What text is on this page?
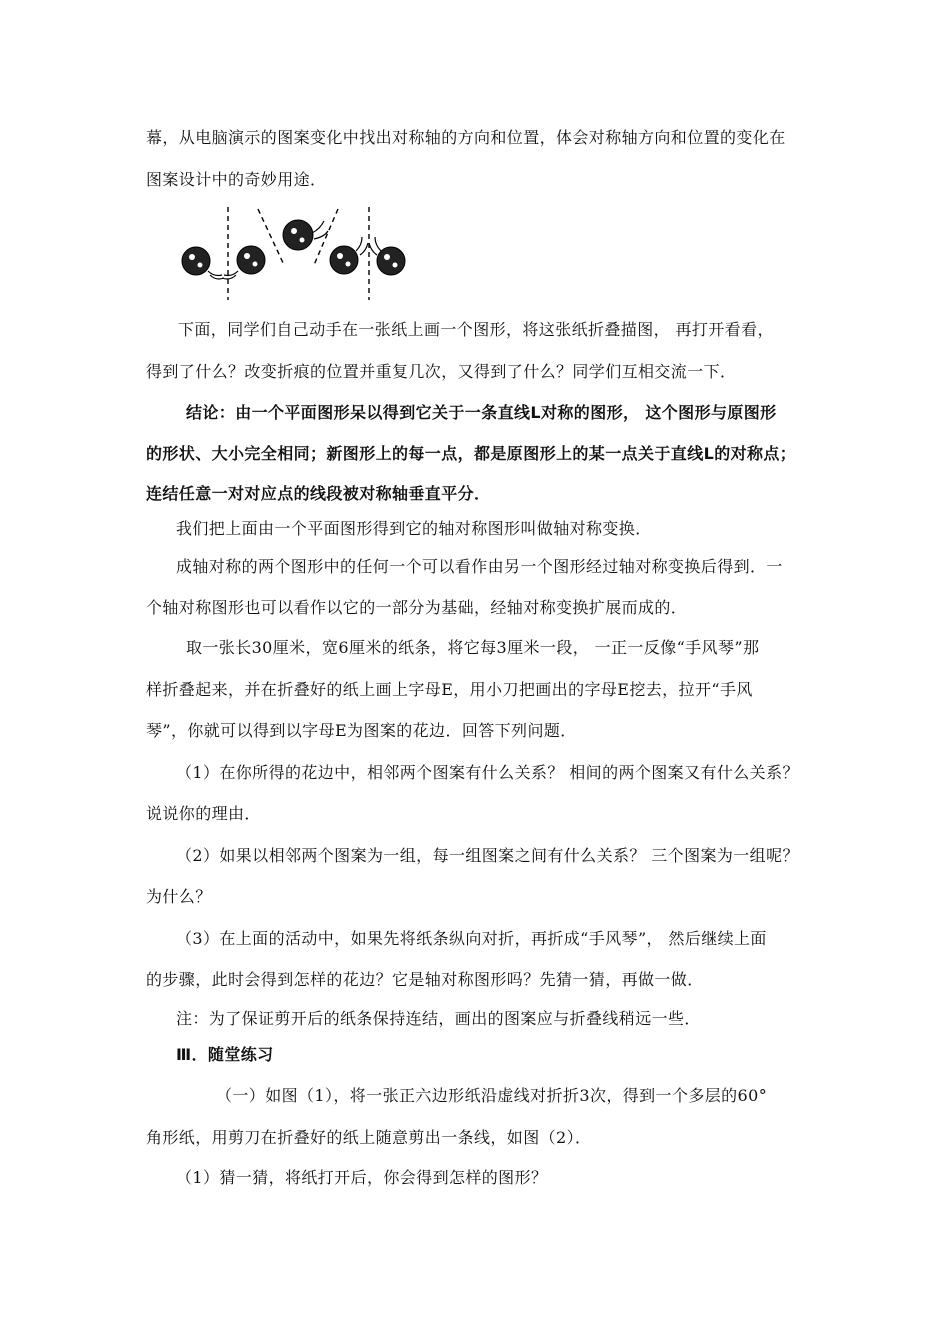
幕，从电脑演示的图案变化中找出对称轴的方向和位置，体会对称轴方向和位置的变化在
图案设计中的奇妙用途．
下面，同学们自己动手在一张纸上画一个图形，将这张纸折叠描图， 再打开看看，
得到了什么？改变折痕的位置并重复几次，又得到了什么？同学们互相交流一下．
结论：由一个平面图形呆以得到它关于一条直线L对称的图形， 这个图形与原图形
的形状、大小完全相同；新图形上的每一点，都是原图形上的某一点关于直线L的对称点；
连结任意一对对应点的线段被对称轴垂直平分．
我们把上面由一个平面图形得到它的轴对称图形叫做轴对称变换．
成轴对称的两个图形中的任何一个可以看作由另一个图形经过轴对称变换后得到．一
个轴对称图形也可以看作以它的一部分为基础，经轴对称变换扩展而成的．
取一张长30厘米，宽6厘米的纸条，将它每3厘米一段， 一正一反像“手风琴”那
样折叠起来，并在折叠好的纸上画上字母E，用小刀把画出的字母E挖去，拉开“手风
琴”，你就可以得到以字母E为图案的花边．回答下列问题．
（1）在你所得的花边中，相邻两个图案有什么关系？ 相间的两个图案又有什么关系？
说说你的理由．
（2）如果以相邻两个图案为一组，每一组图案之间有什么关系？ 三个图案为一组呢？
为什么？
（3）在上面的活动中，如果先将纸条纵向对折，再折成“手风琴”， 然后继续上面
的步骤，此时会得到怎样的花边？它是轴对称图形吗？先猜一猜，再做一做．
注：为了保证剪开后的纸条保持连结，画出的图案应与折叠线稍远一些．
Ⅲ．随堂练习
（一）如图（1），将一张正六边形纸沿虚线对折折3次，得到一个多层的60°
角形纸，用剪刀在折叠好的纸上随意剪出一条线，如图（2）．
（1）猜一猜，将纸打开后，你会得到怎样的图形？
